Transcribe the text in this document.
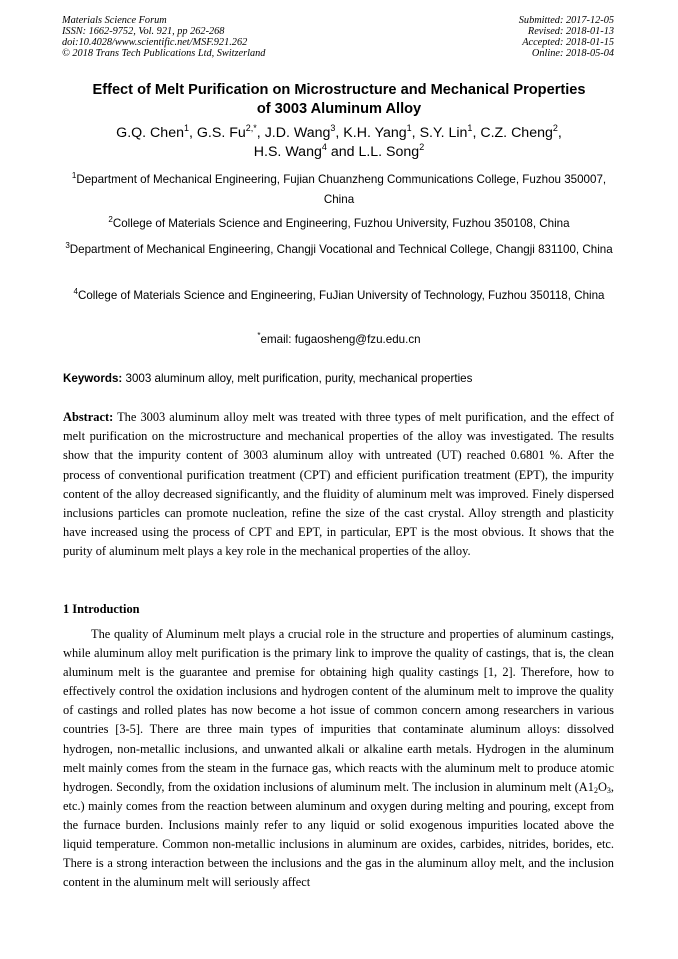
Materials Science Forum
ISSN: 1662-9752, Vol. 921, pp 262-268
doi:10.4028/www.scientific.net/MSF.921.262
© 2018 Trans Tech Publications Ltd, Switzerland
Submitted: 2017-12-05
Revised: 2018-01-13
Accepted: 2018-01-15
Online: 2018-05-04
Effect of Melt Purification on Microstructure and Mechanical Properties
of 3003 Aluminum Alloy
G.Q. Chen$^1$, G.S. $Fu^{2,*}$, J.D. Wang$^3$, K.H. Yang$^1$, S.Y. Lin$^1$, C.Z. Cheng$^2$,
H.S. Wang$^4$ and L.L. Song$^2$
$^1$Department of Mechanical Engineering, Fujian Chuanzheng Communications College, Fuzhou 350007, China
$^2$College of Materials Science and Engineering, Fuzhou University, Fuzhou 350108, China
$^3$Department of Mechanical Engineering, Changji Vocational and Technical College, Changji 831100, China
$^4$College of Materials Science and Engineering, FuJian University of Technology, Fuzhou 350118, China
*email: fugaosheng@fzu.edu.cn
Keywords: 3003 aluminum alloy, melt purification, purity, mechanical properties
Abstract: The 3003 aluminum alloy melt was treated with three types of melt purification, and the effect of melt purification on the microstructure and mechanical properties of the alloy was investigated. The results show that the impurity content of 3003 aluminum alloy with untreated (UT) reached 0.6801 %. After the process of conventional purification treatment (CPT) and efficient purification treatment (EPT), the impurity content of the alloy decreased significantly, and the fluidity of aluminum melt was improved. Finely dispersed inclusions particles can promote nucleation, refine the size of the cast crystal. Alloy strength and plasticity have increased using the process of CPT and EPT, in particular, EPT is the most obvious. It shows that the purity of aluminum melt plays a key role in the mechanical properties of the alloy.
1 Introduction
The quality of Aluminum melt plays a crucial role in the structure and properties of aluminum castings, while aluminum alloy melt purification is the primary link to improve the quality of castings, that is, the clean aluminum melt is the guarantee and premise for obtaining high quality castings [1, 2]. Therefore, how to effectively control the oxidation inclusions and hydrogen content of the aluminum melt to improve the quality of castings and rolled plates has now become a hot issue of common concern among researchers in various countries [3-5]. There are three main types of impurities that contaminate aluminum alloys: dissolved hydrogen, non-metallic inclusions, and unwanted alkali or alkaline earth metals. Hydrogen in the aluminum melt mainly comes from the steam in the furnace gas, which reacts with the aluminum melt to produce atomic hydrogen. Secondly, from the oxidation inclusions of aluminum melt. The inclusion in aluminum melt ($A1_2O_3$, etc.) mainly comes from the reaction between aluminum and oxygen during melting and pouring, except from the furnace burden. Inclusions mainly refer to any liquid or solid exogenous impurities located above the liquid temperature. Common non-metallic inclusions in aluminum are oxides, carbides, nitrides, borides, etc. There is a strong interaction between the inclusions and the gas in the aluminum alloy melt, and the inclusion content in the aluminum melt will seriously affect
